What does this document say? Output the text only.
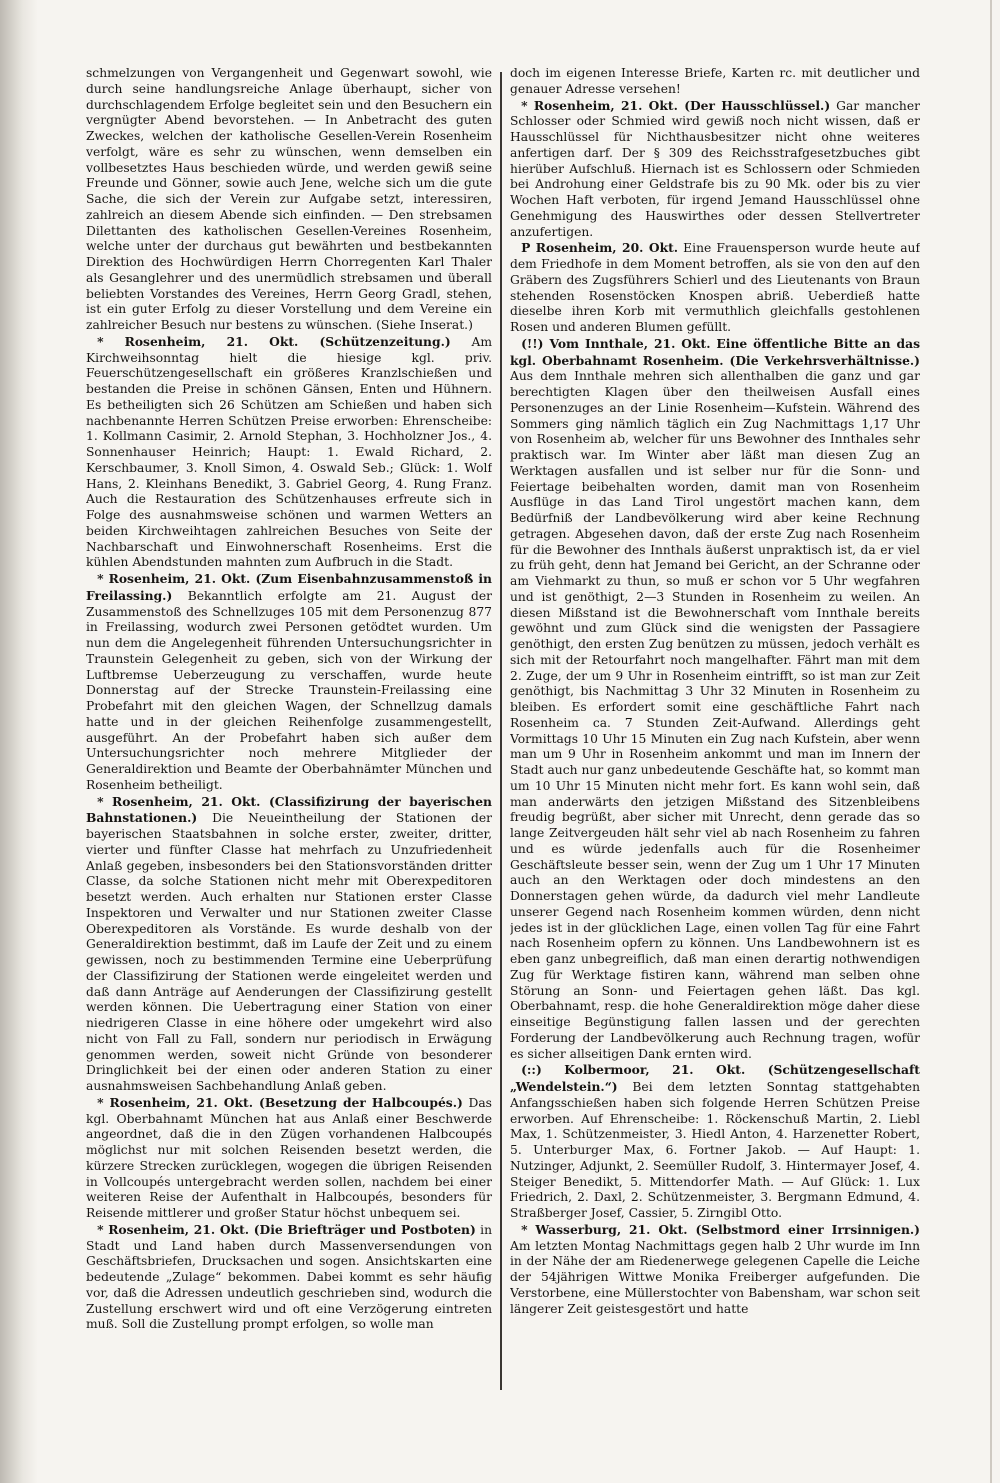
schmelzungen von Vergangenheit und Gegenwart sowohl, wie durch seine handlungsreiche Anlage überhaupt, sicher von durchschlagendem Erfolge begleitet sein und den Besuchern ein vergnügter Abend bevorstehen. — In Anbetracht des guten Zweckes, welchen der katholische Gesellen-Verein Rosenheim verfolgt, wäre es sehr zu wünschen, wenn demselben ein vollbesetztes Haus beschieden würde, und werden gewiß seine Freunde und Gönner, sowie auch Jene, welche sich um die gute Sache, die sich der Verein zur Aufgabe setzt, interessiren, zahlreich an diesem Abende sich einfinden. — Den strebsamen Dilettanten des katholischen Gesellen-Vereines Rosenheim, welche unter der durchaus gut bewährten und bestbekannten Direktion des Hochwürdigen Herrn Chorregenten Karl Thaler als Gesanglehrer und des unermüdlich strebsamen und überall beliebten Vorstandes des Vereines, Herrn Georg Gradl, stehen, ist ein guter Erfolg zu dieser Vorstellung und dem Vereine ein zahlreicher Besuch nur bestens zu wünschen. (Siehe Inserat.)

* Rosenheim, 21. Okt. (Schützenzeitung.) Am Kirchweihsonntag hielt die hiesige kgl. priv. Feuerschützengesellschaft ein größeres Kranzlschießen und bestanden die Preise in schönen Gänsen, Enten und Hühnern. Es betheiligten sich 26 Schützen am Schießen und haben sich nachbenannte Herren Schützen Preise erworben: Ehrenscheibe: 1. Kollmann Casimir, 2. Arnold Stephan, 3. Hochholzner Jos., 4. Sonnenhauser Heinrich; Haupt: 1. Ewald Richard, 2. Kerschbaumer, 3. Knoll Simon, 4. Oswald Seb.; Glück: 1. Wolf Hans, 2. Kleinhans Benedikt, 3. Gabriel Georg, 4. Rung Franz. Auch die Restauration des Schützenhauses erfreute sich in Folge des ausnahmsweise schönen und warmen Wetters an beiden Kirchweihtagen zahlreichen Besuches von Seite der Nachbarschaft und Einwohnerschaft Rosenheims. Erst die kühlen Abendstunden mahnten zum Aufbruch in die Stadt.

* Rosenheim, 21. Okt. (Zum Eisenbahnzusammenstoß in Freilassing.) Bekanntlich erfolgte am 21. August der Zusammenstoß des Schnellzuges 105 mit dem Personenzug 877 in Freilassing, wodurch zwei Personen getödtet wurden. Um nun dem die Angelegenheit führenden Untersuchungsrichter in Traunstein Gelegenheit zu geben, sich von der Wirkung der Luftbremse Ueberzeugung zu verschaffen, wurde heute Donnerstag auf der Strecke Traunstein-Freilassing eine Probefahrt mit den gleichen Wagen, der Schnellzug damals hatte und in der gleichen Reihenfolge zusammengestellt, ausgeführt. An der Probefahrt haben sich außer dem Untersuchungsrichter noch mehrere Mitglieder der Generaldirektion und Beamte der Oberbahnämter München und Rosenheim betheiligt.

* Rosenheim, 21. Okt. (Classifizirung der bayerischen Bahnstationen.) Die Neueintheilung der Stationen der bayerischen Staatsbahnen in solche erster, zweiter, dritter, vierter und fünfter Classe hat mehrfach zu Unzufriedenheit Anlaß gegeben, insbesonders bei den Stationsvorständen dritter Classe, da solche Stationen nicht mehr mit Oberexpeditoren besetzt werden. Auch erhalten nur Stationen erster Classe Inspektoren und Verwalter und nur Stationen zweiter Classe Oberexpeditoren als Vorstände. Es wurde deshalb von der Generaldirektion bestimmt, daß im Laufe der Zeit und zu einem gewissen, noch zu bestimmenden Termine eine Ueberprüfung der Classifizirung der Stationen werde eingeleitet werden und daß dann Anträge auf Aenderungen der Classifizirung gestellt werden können. Die Uebertragung einer Station von einer niedrigeren Classe in eine höhere oder umgekehrt wird also nicht von Fall zu Fall, sondern nur periodisch in Erwägung genommen werden, soweit nicht Gründe von besonderer Dringlichkeit bei der einen oder anderen Station zu einer ausnahmsweisen Sachbehandlung Anlaß geben.

* Rosenheim, 21. Okt. (Besetzung der Halbcoupés.) Das kgl. Oberbahnamt München hat aus Anlaß einer Beschwerde angeordnet, daß die in den Zügen vorhandenen Halbcoupés möglichst nur mit solchen Reisenden besetzt werden, die kürzere Strecken zurücklegen, wogegen die übrigen Reisenden in Vollcoupés untergebracht werden sollen, nachdem bei einer weiteren Reise der Aufenthalt in Halbcoupés, besonders für Reisende mittlerer und großer Statur höchst unbequem sei.

* Rosenheim, 21. Okt. (Die Briefträger und Postboten) in Stadt und Land haben durch Massenversendungen von Geschäftsbriefen, Drucksachen und sogen. Ansichtskarten eine bedeutende „Zulage“ bekommen. Dabei kommt es sehr häufig vor, daß die Adressen undeutlich geschrieben sind, wodurch die Zustellung erschwert wird und oft eine Verzögerung eintreten muß. Soll die Zustellung prompt erfolgen, so wolle man

doch im eigenen Interesse Briefe, Karten rc. mit deutlicher und genauer Adresse versehen!

* Rosenheim, 21. Okt. (Der Hausschlüssel.) Gar mancher Schlosser oder Schmied wird gewiß noch nicht wissen, daß er Hausschlüssel für Nichthausbesitzer nicht ohne weiteres anfertigen darf. Der § 309 des Reichsstrafgesetzbuches gibt hierüber Aufschluß. Hiernach ist es Schlossern oder Schmieden bei Androhung einer Geldstrafe bis zu 90 Mk. oder bis zu vier Wochen Haft verboten, für irgend Jemand Hausschlüssel ohne Genehmigung des Hauswirthes oder dessen Stellvertreter anzufertigen.

P Rosenheim, 20. Okt. Eine Frauensperson wurde heute auf dem Friedhofe in dem Moment betroffen, als sie von den auf den Gräbern des Zugsführers Schierl und des Lieutenants von Braun stehenden Rosenstöcken Knospen abriß. Ueberdieß hatte dieselbe ihren Korb mit vermuthlich gleichfalls gestohlenen Rosen und anderen Blumen gefüllt.

(!!) Vom Innthale, 21. Okt. Eine öffentliche Bitte an das kgl. Oberbahnamt Rosenheim. (Die Verkehrsverhältnisse.) Aus dem Innthale mehren sich allenthalben die ganz und gar berechtigten Klagen über den theilweisen Ausfall eines Personenzuges an der Linie Rosenheim—Kufstein. Während des Sommers ging nämlich täglich ein Zug Nachmittags 1,17 Uhr von Rosenheim ab, welcher für uns Bewohner des Innthales sehr praktisch war. Im Winter aber läßt man diesen Zug an Werktagen ausfallen und ist selber nur für die Sonn- und Feiertage beibehalten worden, damit man von Rosenheim Ausflüge in das Land Tirol ungestört machen kann, dem Bedürfniß der Landbevölkerung wird aber keine Rechnung getragen. Abgesehen davon, daß der erste Zug nach Rosenheim für die Bewohner des Innthals äußerst unpraktisch ist, da er viel zu früh geht, denn hat Jemand bei Gericht, an der Schranne oder am Viehmarkt zu thun, so muß er schon vor 5 Uhr wegfahren und ist genöthigt, 2—3 Stunden in Rosenheim zu weilen. An diesen Mißstand ist die Bewohnerschaft vom Innthale bereits gewöhnt und zum Glück sind die wenigsten der Passagiere genöthigt, den ersten Zug benützen zu müssen, jedoch verhält es sich mit der Retourfahrt noch mangelhafter. Fährt man mit dem 2. Zuge, der um 9 Uhr in Rosenheim eintrifft, so ist man zur Zeit genöthigt, bis Nachmittag 3 Uhr 32 Minuten in Rosenheim zu bleiben. Es erfordert somit eine geschäftliche Fahrt nach Rosenheim ca. 7 Stunden Zeit-Aufwand. Allerdings geht Vormittags 10 Uhr 15 Minuten ein Zug nach Kufstein, aber wenn man um 9 Uhr in Rosenheim ankommt und man im Innern der Stadt auch nur ganz unbedeutende Geschäfte hat, so kommt man um 10 Uhr 15 Minuten nicht mehr fort. Es kann wohl sein, daß man anderwärts den jetzigen Mißstand des Sitzenbleibens freudig begrüßt, aber sicher mit Unrecht, denn gerade das so lange Zeitvergeuden hält sehr viel ab nach Rosenheim zu fahren und es würde jedenfalls auch für die Rosenheimer Geschäftsleute besser sein, wenn der Zug um 1 Uhr 17 Minuten auch an den Werktagen oder doch mindestens an den Donnerstagen gehen würde, da dadurch viel mehr Landleute unserer Gegend nach Rosenheim kommen würden, denn nicht jedes ist in der glücklichen Lage, einen vollen Tag für eine Fahrt nach Rosenheim opfern zu können. Uns Landbewohnern ist es eben ganz unbegreiflich, daß man einen derartig nothwendigen Zug für Werktage fistiren kann, während man selben ohne Störung an Sonn- und Feiertagen gehen läßt. Das kgl. Oberbahnamt, resp. die hohe Generaldirektion möge daher diese einseitige Begünstigung fallen lassen und der gerechten Forderung der Landbevölkerung auch Rechnung tragen, wofür es sicher allseitigen Dank ernten wird.

(::) Kolbermoor, 21. Okt. (Schützengesellschaft „Wendelstein.“) Bei dem letzten Sonntag stattgehabten Anfangsschießen haben sich folgende Herren Schützen Preise erworben. Auf Ehrenscheibe: 1. Röckenschuß Martin, 2. Liebl Max, 1. Schützenmeister, 3. Hiedl Anton, 4. Harzenetter Robert, 5. Unterburger Max, 6. Fortner Jakob. — Auf Haupt: 1. Nutzinger, Adjunkt, 2. Seemüller Rudolf, 3. Hintermayer Josef, 4. Steiger Benedikt, 5. Mittendorfer Math. — Auf Glück: 1. Lux Friedrich, 2. Daxl, 2. Schützenmeister, 3. Bergmann Edmund, 4. Straßberger Josef, Cassier, 5. Zirngibl Otto.

* Wasserburg, 21. Okt. (Selbstmord einer Irrsinnigen.) Am letzten Montag Nachmittags gegen halb 2 Uhr wurde im Inn in der Nähe der am Riedenerwege gelegenen Capelle die Leiche der 54jährigen Wittwe Monika Freiberger aufgefunden. Die Verstorbene, eine Müllerstochter von Babensham, war schon seit längerer Zeit geistesgestört und hatte
